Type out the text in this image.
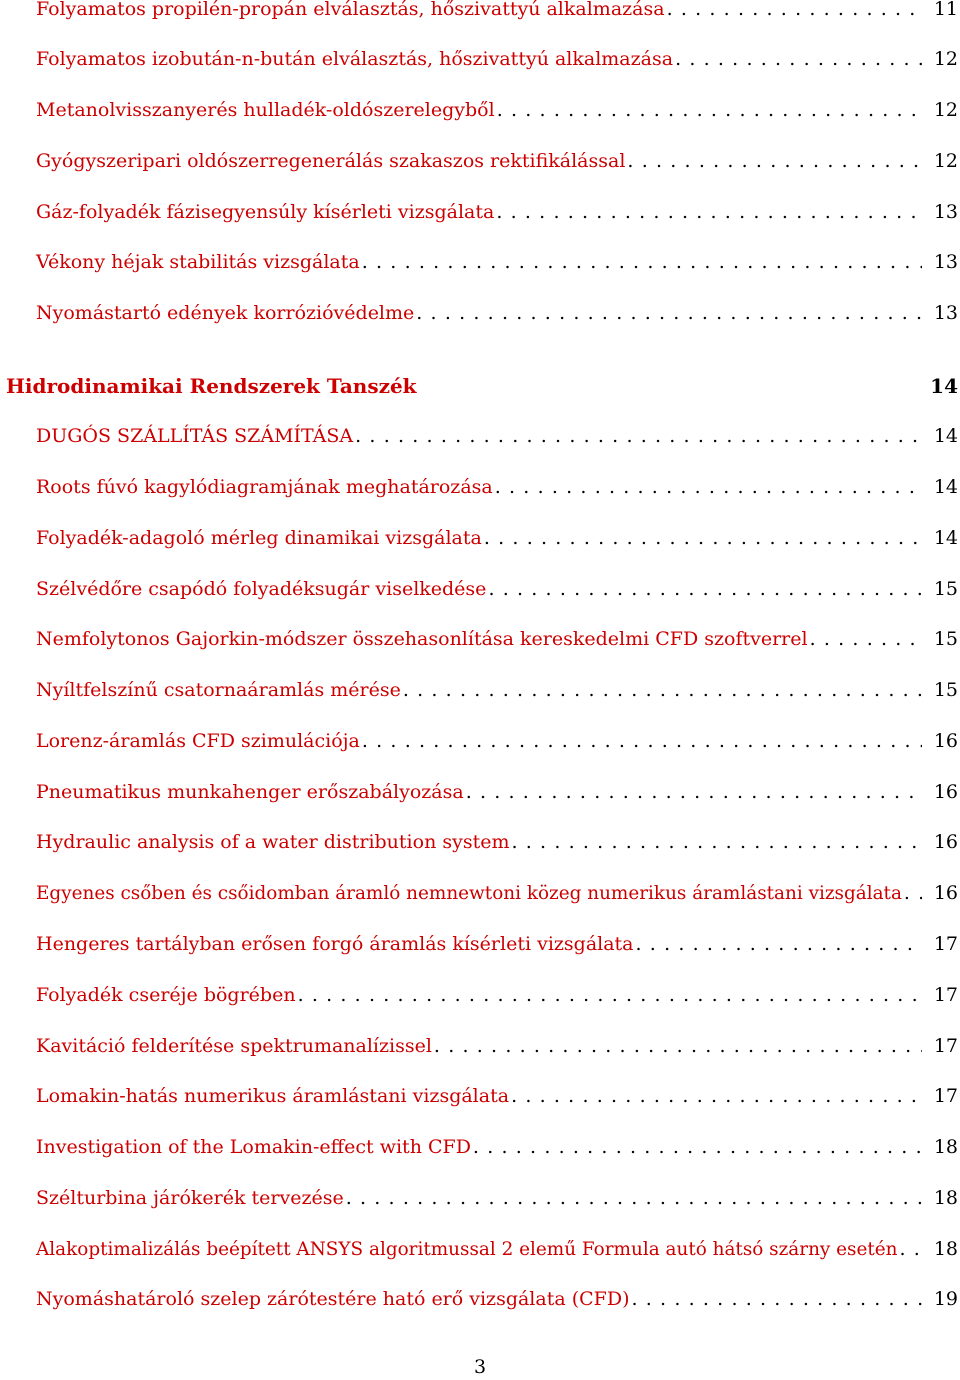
Folyamatos propilén-propán elválasztás, hőszivattyú alkalmazása . . .	11
Folyamatos izobután-n-bután elválasztás, hőszivattyú alkalmazása . . .	12
Metanolvisszanyerés hulladék-oldószerelegyből . . .	12
Gyógyszeripari oldószerregenerálás szakaszos rektifikálással . . .	12
Gáz-folyadék fázisegyensúly kísérleti vizsgálata . . .	13
Vékony héjak stabilitás vizsgálata . . .	13
Nyomástartó edények korrózióvédelme . . .	13
Hidrodinamikai Rendszerek Tanszék	14
DUGÓS SZÁLLÍTÁS SZÁMÍTÁSA . . .	14
Roots fúvó kagylódiagramjának meghatározása . . .	14
Folyadék-adagoló mérleg dinamikai vizsgálata . . .	14
Szélvédőre csapódó folyadéksugár viselkedése . . .	15
Nemfolytonos Gajorkin-módszer összehasonlítása kereskedelmi CFD szoftverrel . . .	15
Nyíltfelszínű csatornaáramlás mérése . . .	15
Lorenz-áramlás CFD szimulációja . . .	16
Pneumatikus munkahenger erőszabályozása . . .	16
Hydraulic analysis of a water distribution system . . .	16
Egyenes csőben és csőidomban áramló nemnewtoni közeg numerikus áramlástani vizsgálata . . . 16
Hengeres tartályban erősen forgó áramlás kísérleti vizsgálata . . .	17
Folyadék cseréje bögrében . . .	17
Kavitáció felderítése spektrumanalízissel . . .	17
Lomakin-hatás numerikus áramlástani vizsgálata . . .	17
Investigation of the Lomakin-effect with CFD . . .	18
Szélturbina járókerék tervezése . . .	18
Alakoptimalizálás beépített ANSYS algoritmussal 2 elemű Formula autó hátsó szárny esetén . . . 18
Nyomáshatároló szelep zárótestére ható erő vizsgálata (CFD) . . .	19
3
